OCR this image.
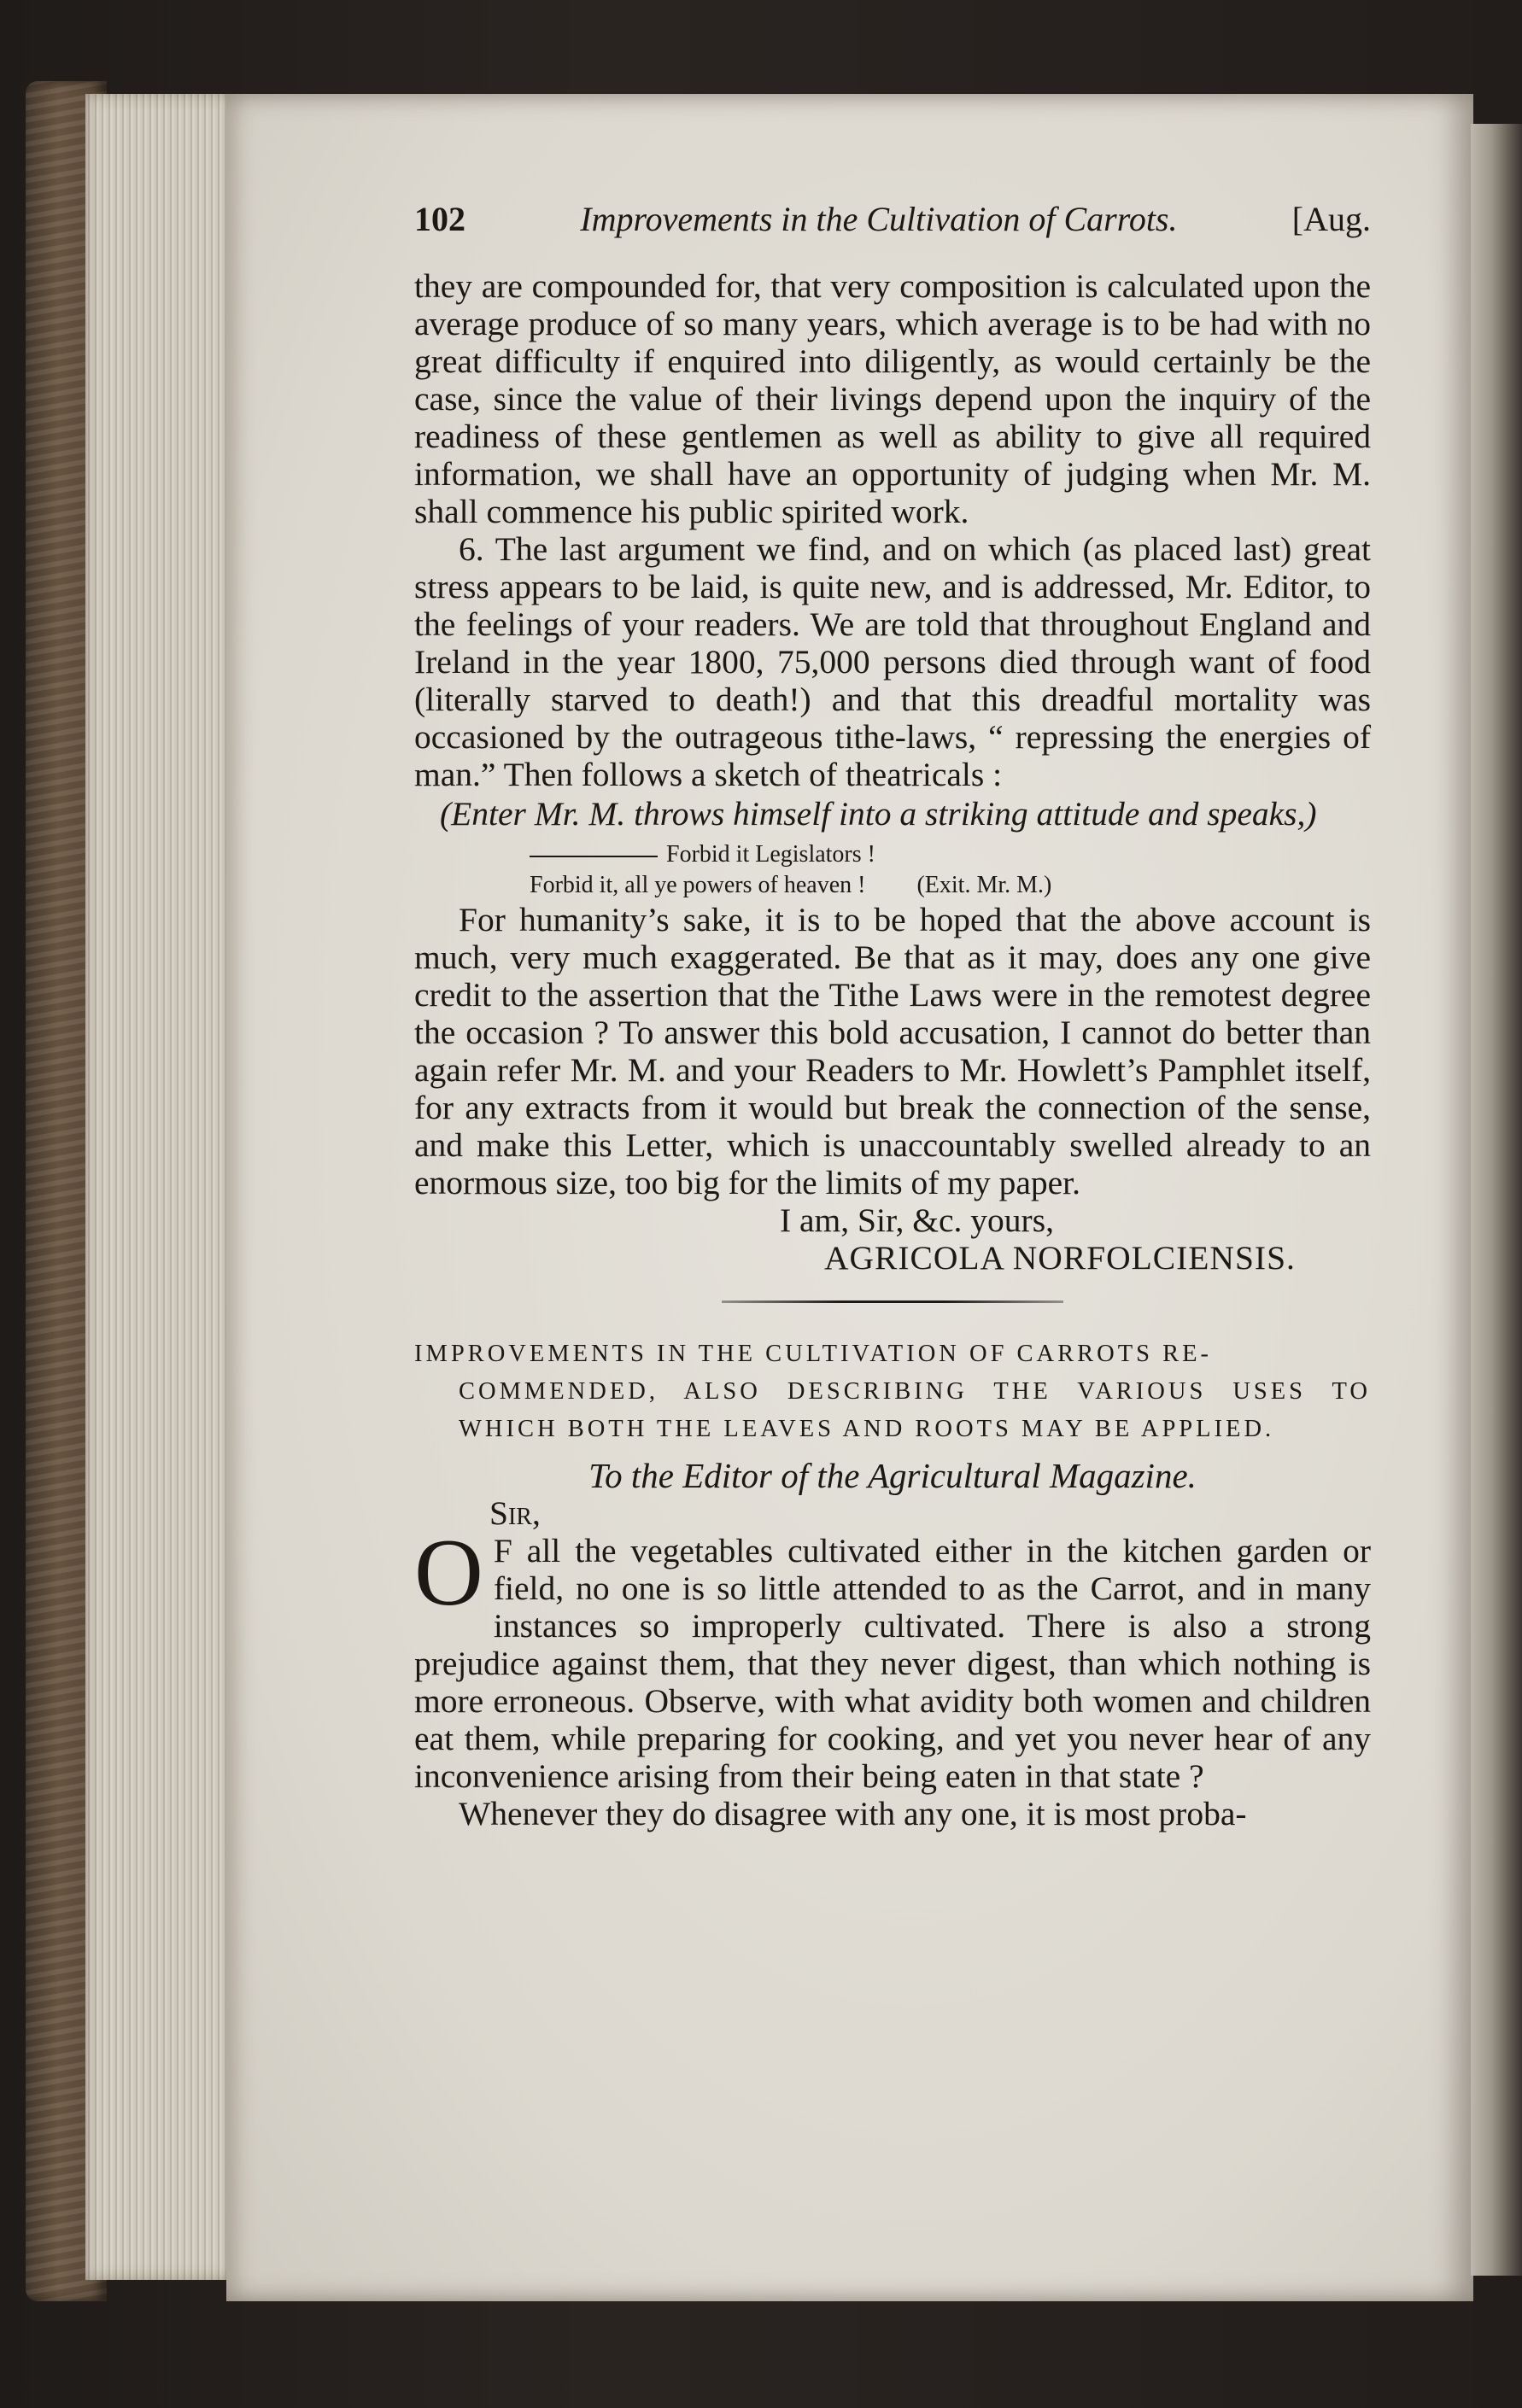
102	Improvements in the Cultivation of Carrots.	[Aug.

they are compounded for, that very composition is calculated upon the average produce of so many years, which average is to be had with no great difficulty if enquired into diligently, as would certainly be the case, since the value of their livings depend upon the inquiry of the readiness of these gentlemen as well as ability to give all required information, we shall have an opportunity of judging when Mr. M. shall commence his public spirited work.

6. The last argument we find, and on which (as placed last) great stress appears to be laid, is quite new, and is addressed, Mr. Editor, to the feelings of your readers. We are told that throughout England and Ireland in the year 1800, 75,000 persons died through want of food (literally starved to death!) and that this dreadful mortality was occasioned by the outrageous tithe-laws, “ repressing the energies of man.” Then follows a sketch of theatricals :

(Enter Mr. M. throws himself into a striking attitude and speaks,)

Forbid it Legislators !
Forbid it, all ye powers of heaven ! (Exit. Mr. M.)

For humanity’s sake, it is to be hoped that the above account is much, very much exaggerated. Be that as it may, does any one give credit to the assertion that the Tithe Laws were in the remotest degree the occasion ? To answer this bold accusation, I cannot do better than again refer Mr. M. and your Readers to Mr. Howlett’s Pamphlet itself, for any extracts from it would but break the connection of the sense, and make this Letter, which is unaccountably swelled already to an enormous size, too big for the limits of my paper.

I am, Sir, &c. yours,
AGRICOLA NORFOLCIENSIS.
IMPROVEMENTS IN THE CULTIVATION OF CARROTS RE-
COMMENDED, ALSO DESCRIBING THE VARIOUS USES TO WHICH BOTH THE LEAVES AND ROOTS MAY BE APPLIED.
To the Editor of the Agricultural Magazine.
Sir,

O F all the vegetables cultivated either in the kitchen garden or field, no one is so little attended to as the Carrot, and in many instances so improperly cultivated. There is also a strong prejudice against them, that they never digest, than which nothing is more erroneous. Observe, with what avidity both women and children eat them, while preparing for cooking, and yet you never hear of any inconvenience arising from their being eaten in that state ?

Whenever they do disagree with any one, it is most proba-
